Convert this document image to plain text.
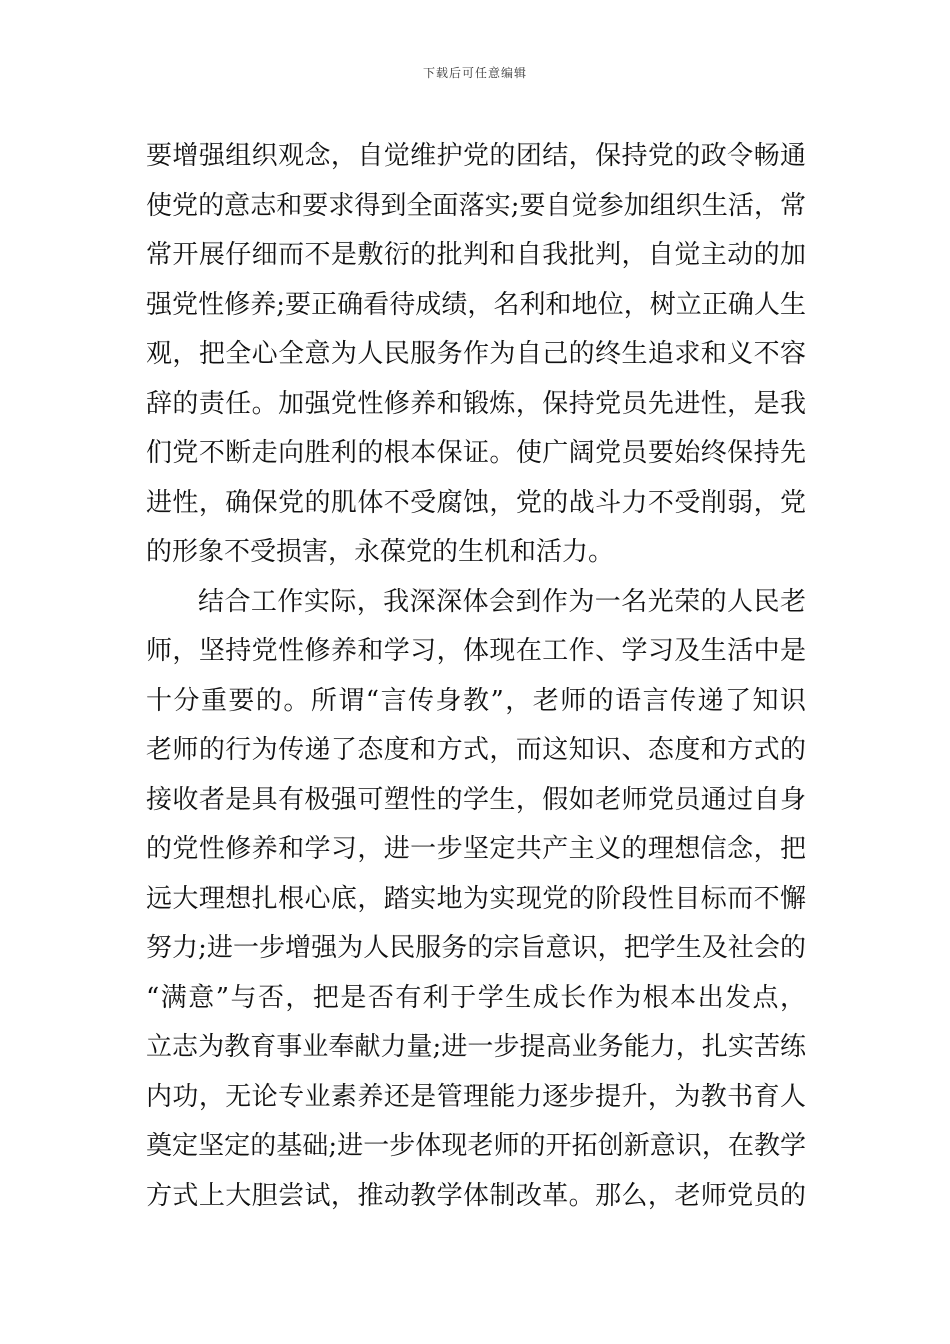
下载后可任意编辑
要增强组织观念，自觉维护党的团结，保持党的政令畅通
使党的意志和要求得到全面落实;要自觉参加组织生活，常
常开展仔细而不是敷衍的批判和自我批判，自觉主动的加
强党性修养;要正确看待成绩，名利和地位，树立正确人生
观，把全心全意为人民服务作为自己的终生追求和义不容
辞的责任。加强党性修养和锻炼，保持党员先进性，是我
们党不断走向胜利的根本保证。使广阔党员要始终保持先
进性，确保党的肌体不受腐蚀，党的战斗力不受削弱，党
的形象不受损害，永葆党的生机和活力。
结合工作实际，我深深体会到作为一名光荣的人民老
师，坚持党性修养和学习，体现在工作、学习及生活中是
十分重要的。所谓“言传身教”，老师的语言传递了知识
老师的行为传递了态度和方式，而这知识、态度和方式的
接收者是具有极强可塑性的学生，假如老师党员通过自身
的党性修养和学习，进一步坚定共产主义的理想信念，把
远大理想扎根心底，踏实地为实现党的阶段性目标而不懈
努力;进一步增强为人民服务的宗旨意识，把学生及社会的
“满意”与否，把是否有利于学生成长作为根本出发点，
立志为教育事业奉献力量;进一步提高业务能力，扎实苦练
内功，无论专业素养还是管理能力逐步提升，为教书育人
奠定坚定的基础;进一步体现老师的开拓创新意识，在教学
方式上大胆尝试，推动教学体制改革。那么，老师党员的
